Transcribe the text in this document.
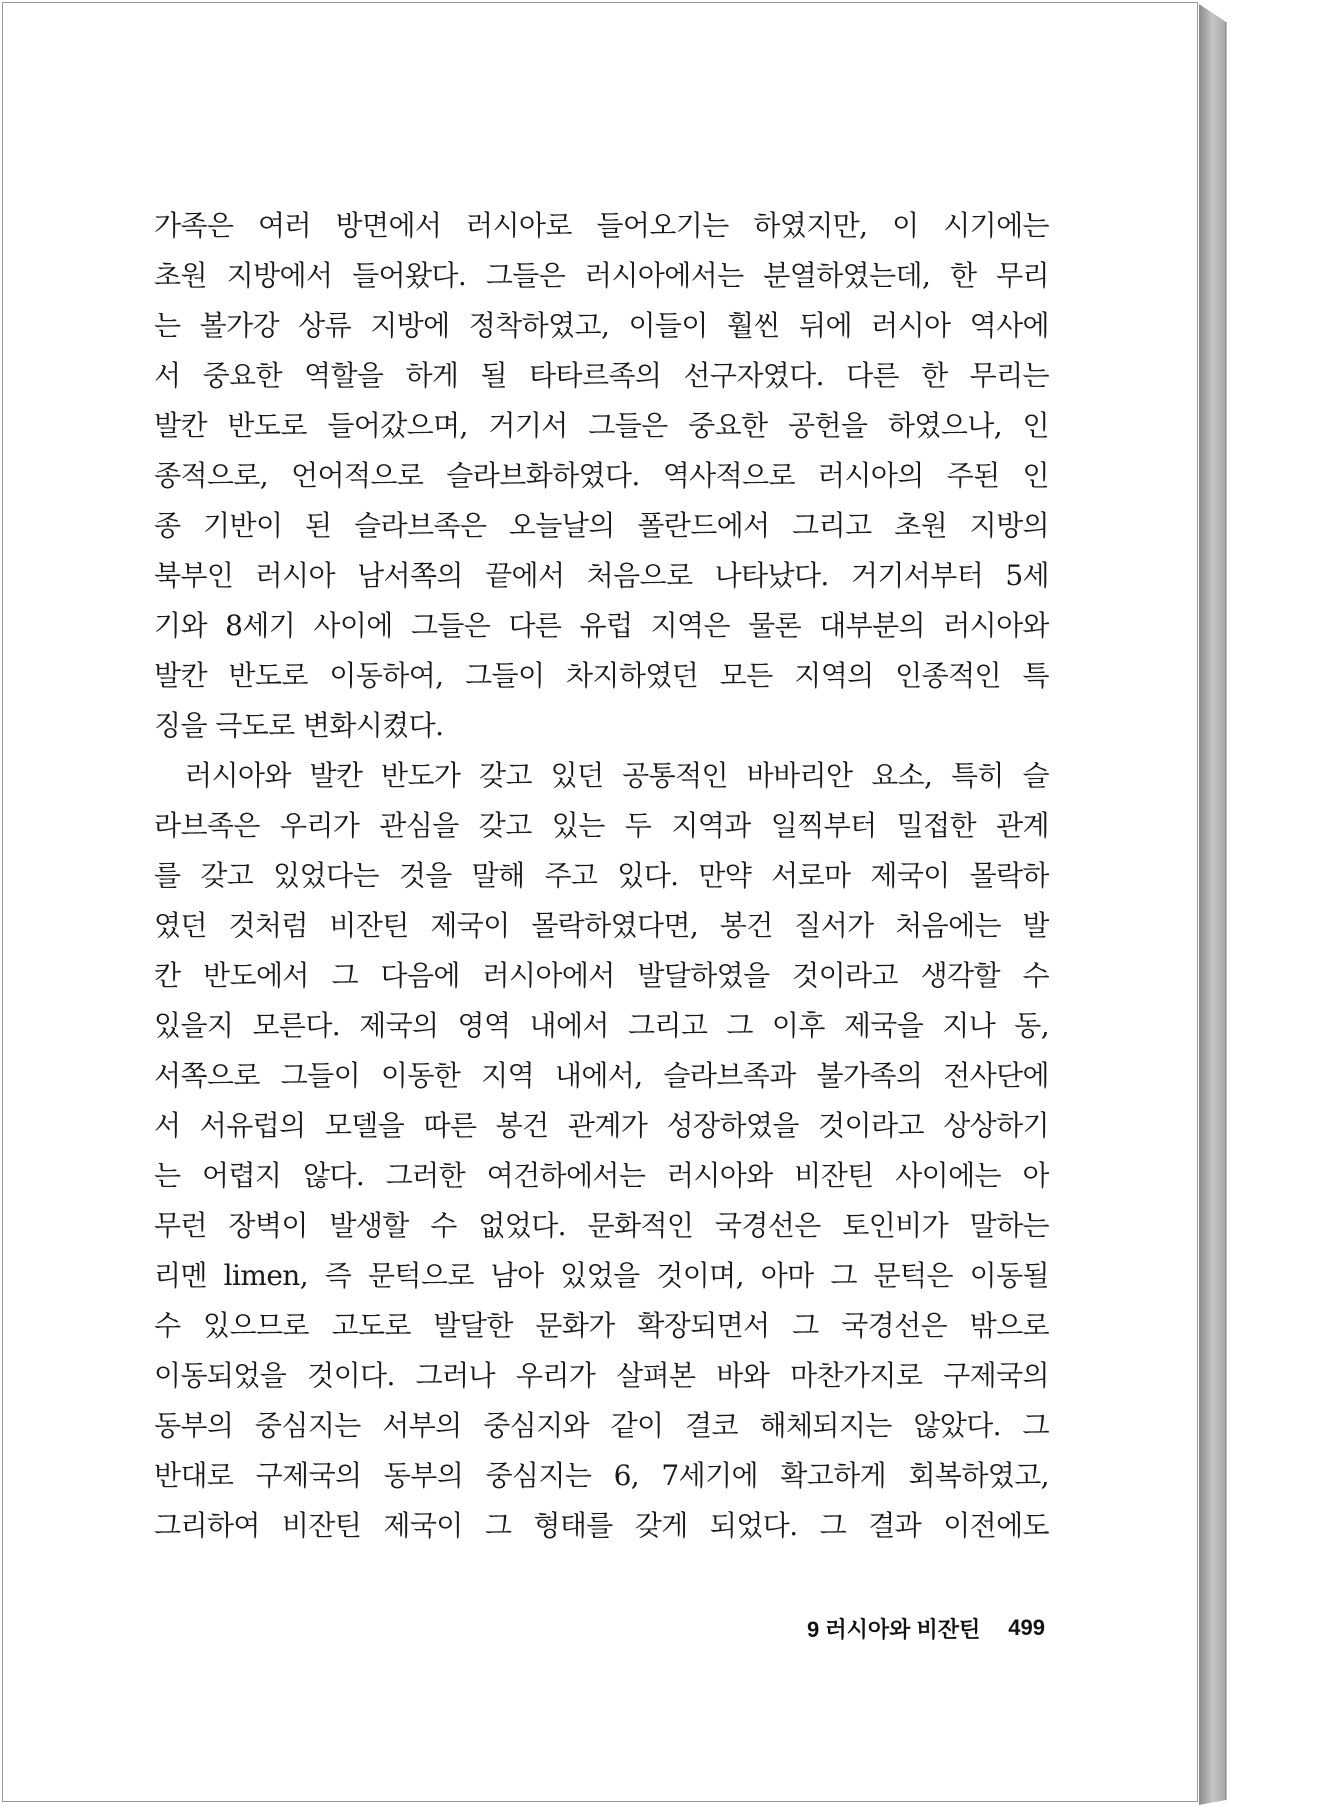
가족은 여러 방면에서 러시아로 들어오기는 하였지만, 이 시기에는
초원 지방에서 들어왔다. 그들은 러시아에서는 분열하였는데, 한 무리
는 볼가강 상류 지방에 정착하였고, 이들이 훨씬 뒤에 러시아 역사에
서 중요한 역할을 하게 될 타타르족의 선구자였다. 다른 한 무리는
발칸 반도로 들어갔으며, 거기서 그들은 중요한 공헌을 하였으나, 인
종적으로, 언어적으로 슬라브화하였다. 역사적으로 러시아의 주된 인
종 기반이 된 슬라브족은 오늘날의 폴란드에서 그리고 초원 지방의
북부인 러시아 남서쪽의 끝에서 처음으로 나타났다. 거기서부터 5세
기와 8세기 사이에 그들은 다른 유럽 지역은 물론 대부분의 러시아와
발칸 반도로 이동하여, 그들이 차지하였던 모든 지역의 인종적인 특
징을 극도로 변화시켰다.
러시아와 발칸 반도가 갖고 있던 공통적인 바바리안 요소, 특히 슬
라브족은 우리가 관심을 갖고 있는 두 지역과 일찍부터 밀접한 관계
를 갖고 있었다는 것을 말해 주고 있다. 만약 서로마 제국이 몰락하
였던 것처럼 비잔틴 제국이 몰락하였다면, 봉건 질서가 처음에는 발
칸 반도에서 그 다음에 러시아에서 발달하였을 것이라고 생각할 수
있을지 모른다. 제국의 영역 내에서 그리고 그 이후 제국을 지나 동,
서쪽으로 그들이 이동한 지역 내에서, 슬라브족과 불가족의 전사단에
서 서유럽의 모델을 따른 봉건 관계가 성장하였을 것이라고 상상하기
는 어렵지 않다. 그러한 여건하에서는 러시아와 비잔틴 사이에는 아
무런 장벽이 발생할 수 없었다. 문화적인 국경선은 토인비가 말하는
리멘 limen, 즉 문턱으로 남아 있었을 것이며, 아마 그 문턱은 이동될
수 있으므로 고도로 발달한 문화가 확장되면서 그 국경선은 밖으로
이동되었을 것이다. 그러나 우리가 살펴본 바와 마찬가지로 구제국의
동부의 중심지는 서부의 중심지와 같이 결코 해체되지는 않았다. 그
반대로 구제국의 동부의 중심지는 6, 7세기에 확고하게 회복하였고,
그리하여 비잔틴 제국이 그 형태를 갖게 되었다. 그 결과 이전에도
9 러시아와 비잔틴 499
